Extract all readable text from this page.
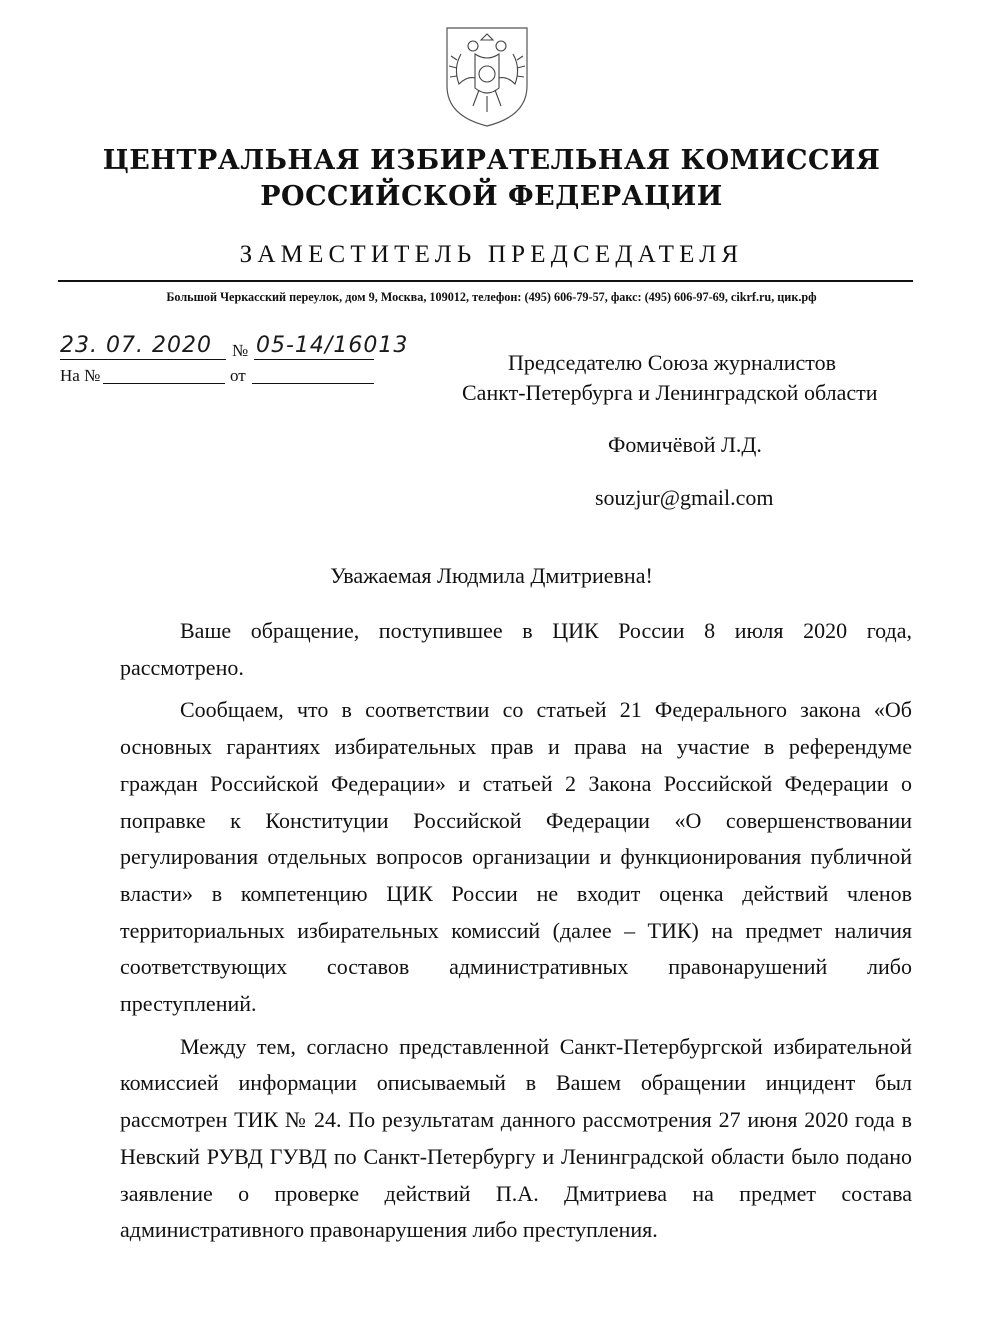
ЦЕНТРАЛЬНАЯ ИЗБИРАТЕЛЬНАЯ КОМИССИЯ
РОССИЙСКОЙ ФЕДЕРАЦИИ
ЗАМЕСТИТЕЛЬ ПРЕДСЕДАТЕЛЯ
Большой Черкасский переулок, дом 9, Москва, 109012, телефон: (495) 606-79-57, факс: (495) 606-97-69, cikrf.ru, цик.рф
23. 07. 2020 № 05-14/16013
На №	от
Председателю Союза журналистов
Санкт-Петербурга и Ленинградской области
Фомичёвой Л.Д.
souzjur@gmail.com
Уважаемая Людмила Дмитриевна!

Ваше обращение, поступившее в ЦИК России 8 июля 2020 года, рассмотрено.

Сообщаем, что в соответствии со статьей 21 Федерального закона «Об основных гарантиях избирательных прав и права на участие в референдуме граждан Российской Федерации» и статьей 2 Закона Российской Федерации о поправке к Конституции Российской Федерации «О совершенствовании регулирования отдельных вопросов организации и функционирования публичной власти» в компетенцию ЦИК России не входит оценка действий членов территориальных избирательных комиссий (далее – ТИК) на предмет наличия соответствующих составов административных правонарушений либо преступлений.

Между тем, согласно представленной Санкт-Петербургской избирательной комиссией информации описываемый в Вашем обращении инцидент был рассмотрен ТИК № 24. По результатам данного рассмотрения 27 июня 2020 года в Невский РУВД ГУВД по Санкт-Петербургу и Ленинградской области было подано заявление о проверке действий П.А. Дмитриева на предмет состава административного правонарушения либо преступления.
